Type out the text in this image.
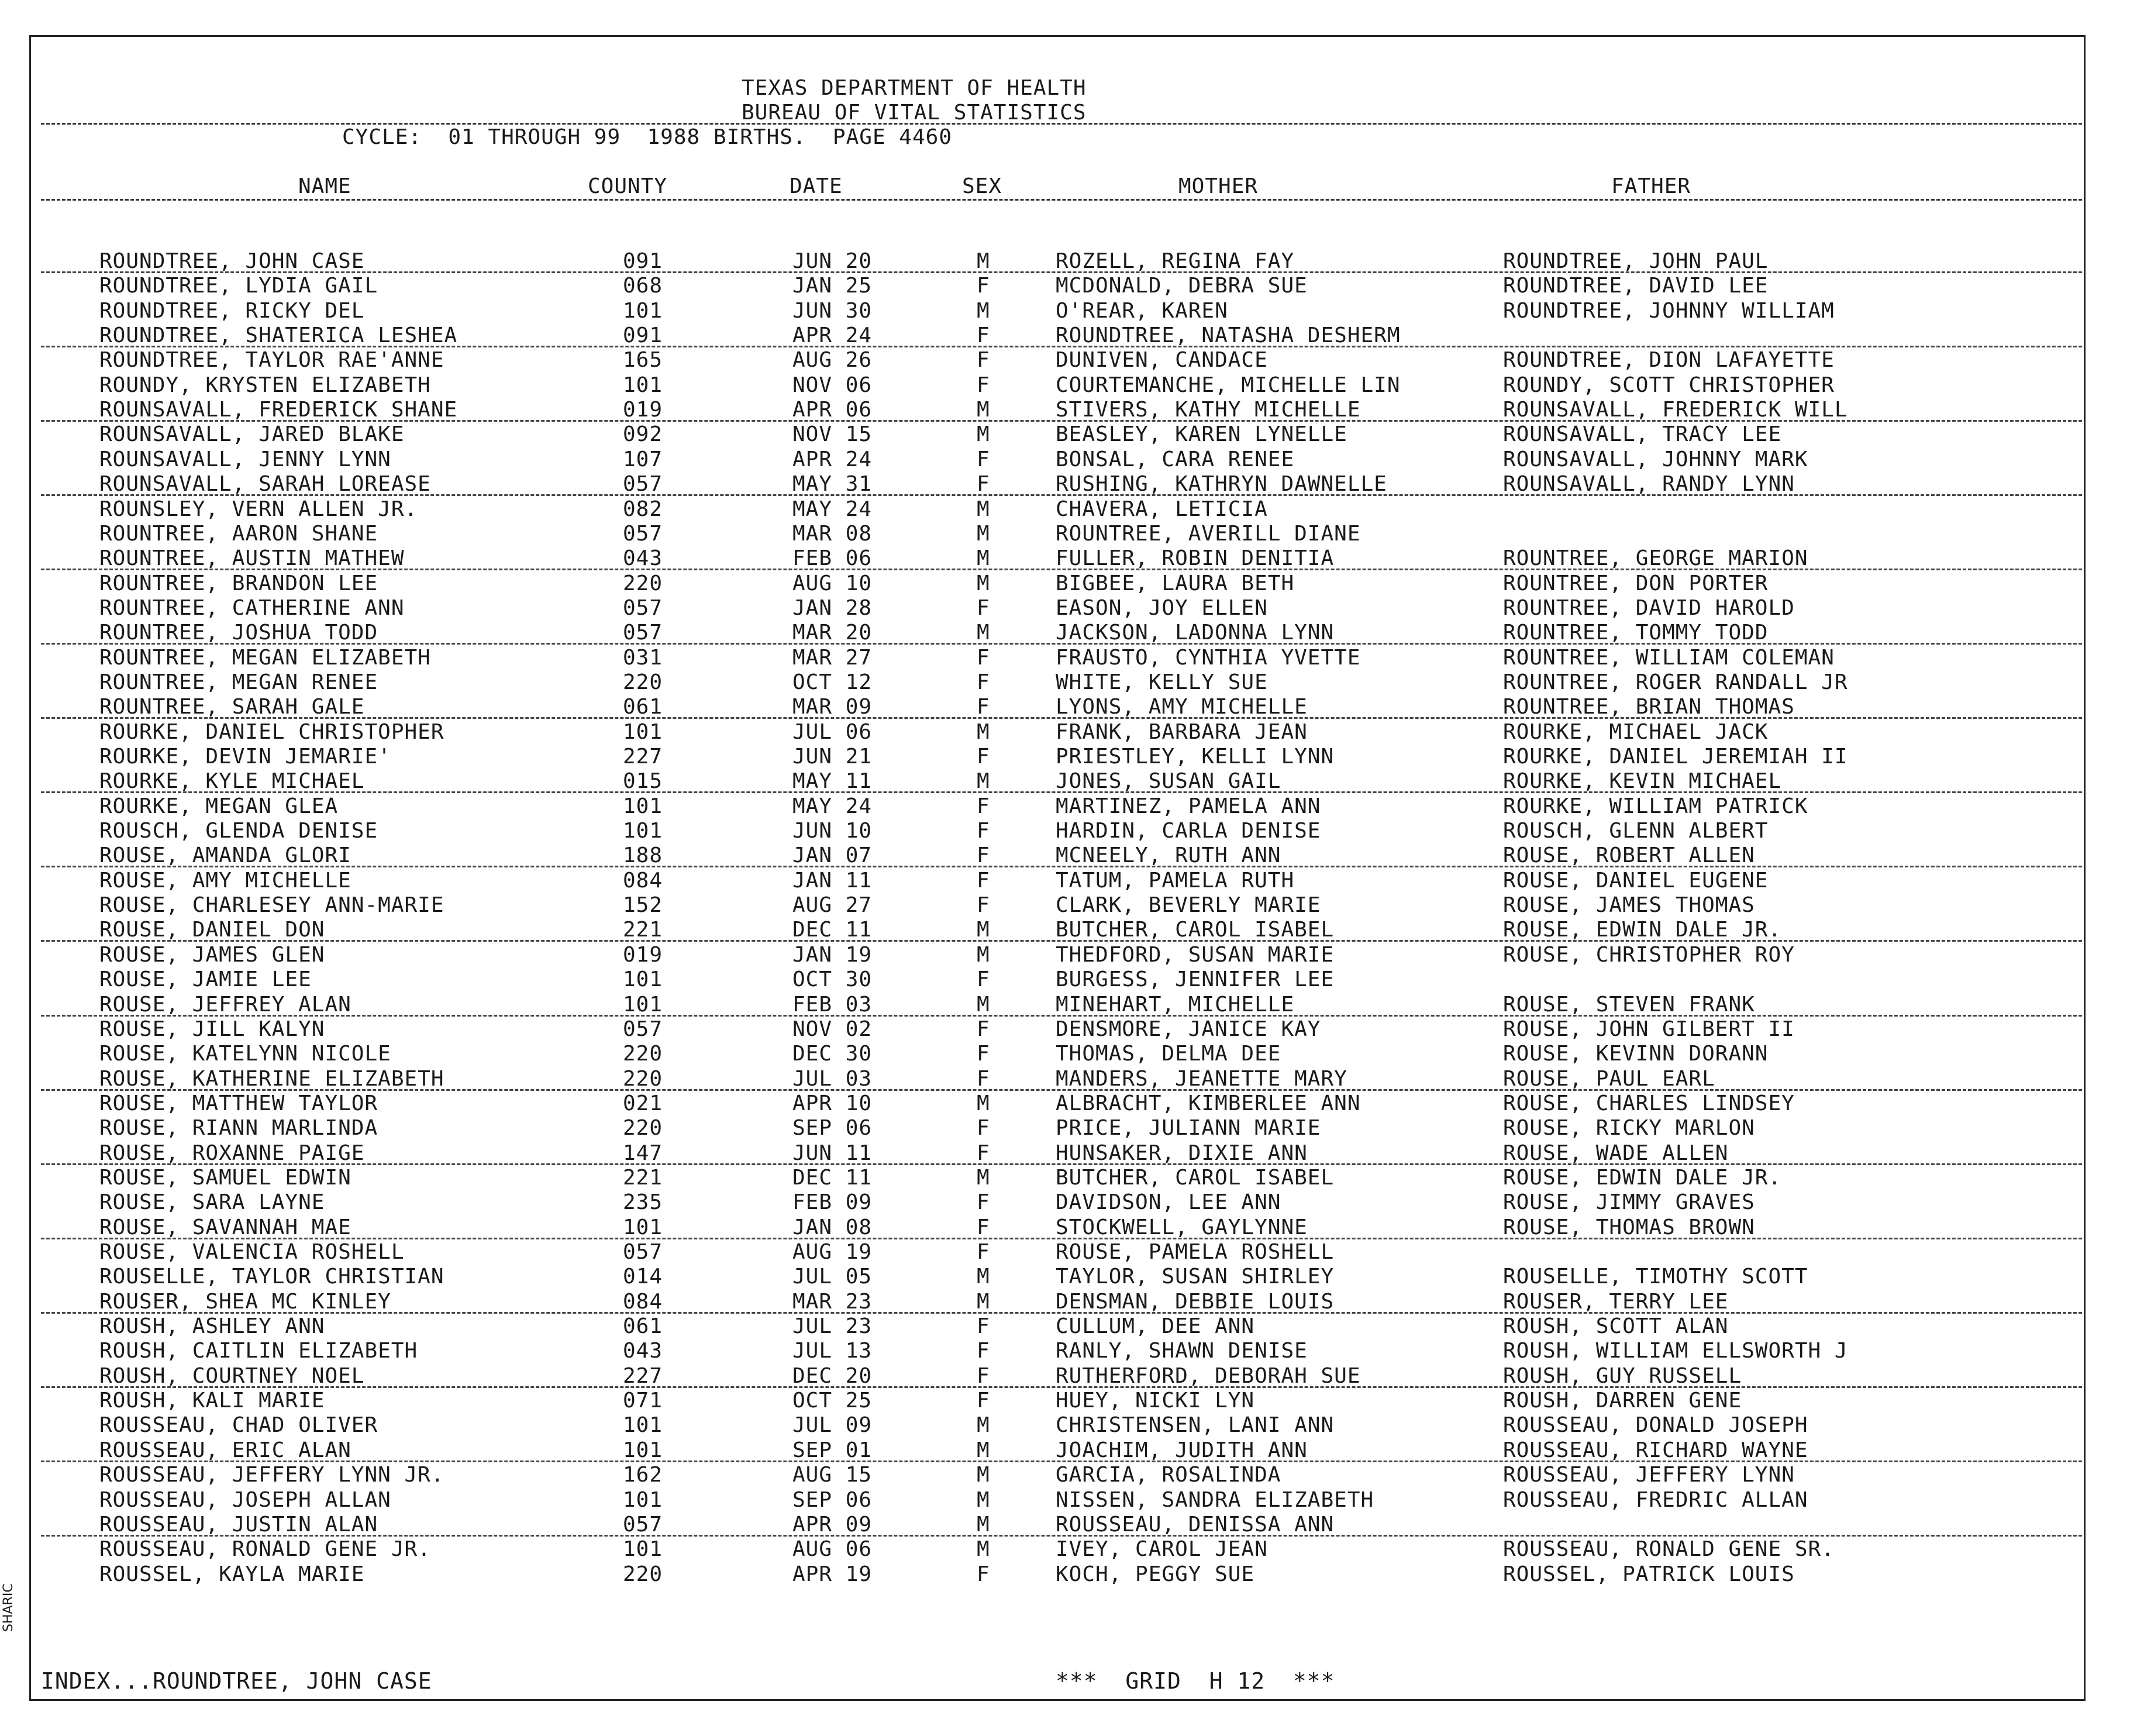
TEXAS DEPARTMENT OF HEALTH
BUREAU OF VITAL STATISTICS
CYCLE:  01 THROUGH 99  1988 BIRTHS.  PAGE 4460
NAME	COUNTY	DATE	SEX	MOTHER	FATHER
ROUNDTREE, JOHN CASE	091	JUN 20	M	ROZELL, REGINA FAY	ROUNDTREE, JOHN PAUL
ROUNDTREE, LYDIA GAIL	068	JAN 25	F	MCDONALD, DEBRA SUE	ROUNDTREE, DAVID LEE
ROUNDTREE, RICKY DEL	101	JUN 30	M	O'REAR, KAREN	ROUNDTREE, JOHNNY WILLIAM
ROUNDTREE, SHATERICA LESHEA	091	APR 24	F	ROUNDTREE, NATASHA DESHERM
ROUNDTREE, TAYLOR RAE'ANNE	165	AUG 26	F	DUNIVEN, CANDACE	ROUNDTREE, DION LAFAYETTE
ROUNDY, KRYSTEN ELIZABETH	101	NOV 06	F	COURTEMANCHE, MICHELLE LIN	ROUNDY, SCOTT CHRISTOPHER
ROUNSAVALL, FREDERICK SHANE	019	APR 06	M	STIVERS, KATHY MICHELLE	ROUNSAVALL, FREDERICK WILL
ROUNSAVALL, JARED BLAKE	092	NOV 15	M	BEASLEY, KAREN LYNELLE	ROUNSAVALL, TRACY LEE
ROUNSAVALL, JENNY LYNN	107	APR 24	F	BONSAL, CARA RENEE	ROUNSAVALL, JOHNNY MARK
ROUNSAVALL, SARAH LOREASE	057	MAY 31	F	RUSHING, KATHRYN DAWNELLE	ROUNSAVALL, RANDY LYNN
ROUNSLEY, VERN ALLEN JR.	082	MAY 24	M	CHAVERA, LETICIA
ROUNTREE, AARON SHANE	057	MAR 08	M	ROUNTREE, AVERILL DIANE
ROUNTREE, AUSTIN MATHEW	043	FEB 06	M	FULLER, ROBIN DENITIA	ROUNTREE, GEORGE MARION
ROUNTREE, BRANDON LEE	220	AUG 10	M	BIGBEE, LAURA BETH	ROUNTREE, DON PORTER
ROUNTREE, CATHERINE ANN	057	JAN 28	F	EASON, JOY ELLEN	ROUNTREE, DAVID HAROLD
ROUNTREE, JOSHUA TODD	057	MAR 20	M	JACKSON, LADONNA LYNN	ROUNTREE, TOMMY TODD
ROUNTREE, MEGAN ELIZABETH	031	MAR 27	F	FRAUSTO, CYNTHIA YVETTE	ROUNTREE, WILLIAM COLEMAN
ROUNTREE, MEGAN RENEE	220	OCT 12	F	WHITE, KELLY SUE	ROUNTREE, ROGER RANDALL JR
ROUNTREE, SARAH GALE	061	MAR 09	F	LYONS, AMY MICHELLE	ROUNTREE, BRIAN THOMAS
ROURKE, DANIEL CHRISTOPHER	101	JUL 06	M	FRANK, BARBARA JEAN	ROURKE, MICHAEL JACK
ROURKE, DEVIN JEMARIE'	227	JUN 21	F	PRIESTLEY, KELLI LYNN	ROURKE, DANIEL JEREMIAH II
ROURKE, KYLE MICHAEL	015	MAY 11	M	JONES, SUSAN GAIL	ROURKE, KEVIN MICHAEL
ROURKE, MEGAN GLEA	101	MAY 24	F	MARTINEZ, PAMELA ANN	ROURKE, WILLIAM PATRICK
ROUSCH, GLENDA DENISE	101	JUN 10	F	HARDIN, CARLA DENISE	ROUSCH, GLENN ALBERT
ROUSE, AMANDA GLORI	188	JAN 07	F	MCNEELY, RUTH ANN	ROUSE, ROBERT ALLEN
ROUSE, AMY MICHELLE	084	JAN 11	F	TATUM, PAMELA RUTH	ROUSE, DANIEL EUGENE
ROUSE, CHARLESEY ANN-MARIE	152	AUG 27	F	CLARK, BEVERLY MARIE	ROUSE, JAMES THOMAS
ROUSE, DANIEL DON	221	DEC 11	M	BUTCHER, CAROL ISABEL	ROUSE, EDWIN DALE JR.
ROUSE, JAMES GLEN	019	JAN 19	M	THEDFORD, SUSAN MARIE	ROUSE, CHRISTOPHER ROY
ROUSE, JAMIE LEE	101	OCT 30	F	BURGESS, JENNIFER LEE
ROUSE, JEFFREY ALAN	101	FEB 03	M	MINEHART, MICHELLE	ROUSE, STEVEN FRANK
ROUSE, JILL KALYN	057	NOV 02	F	DENSMORE, JANICE KAY	ROUSE, JOHN GILBERT II
ROUSE, KATELYNN NICOLE	220	DEC 30	F	THOMAS, DELMA DEE	ROUSE, KEVINN DORANN
ROUSE, KATHERINE ELIZABETH	220	JUL 03	F	MANDERS, JEANETTE MARY	ROUSE, PAUL EARL
ROUSE, MATTHEW TAYLOR	021	APR 10	M	ALBRACHT, KIMBERLEE ANN	ROUSE, CHARLES LINDSEY
ROUSE, RIANN MARLINDA	220	SEP 06	F	PRICE, JULIANN MARIE	ROUSE, RICKY MARLON
ROUSE, ROXANNE PAIGE	147	JUN 11	F	HUNSAKER, DIXIE ANN	ROUSE, WADE ALLEN
ROUSE, SAMUEL EDWIN	221	DEC 11	M	BUTCHER, CAROL ISABEL	ROUSE, EDWIN DALE JR.
ROUSE, SARA LAYNE	235	FEB 09	F	DAVIDSON, LEE ANN	ROUSE, JIMMY GRAVES
ROUSE, SAVANNAH MAE	101	JAN 08	F	STOCKWELL, GAYLYNNE	ROUSE, THOMAS BROWN
ROUSE, VALENCIA ROSHELL	057	AUG 19	F	ROUSE, PAMELA ROSHELL
ROUSELLE, TAYLOR CHRISTIAN	014	JUL 05	M	TAYLOR, SUSAN SHIRLEY	ROUSELLE, TIMOTHY SCOTT
ROUSER, SHEA MC KINLEY	084	MAR 23	M	DENSMAN, DEBBIE LOUIS	ROUSER, TERRY LEE
ROUSH, ASHLEY ANN	061	JUL 23	F	CULLUM, DEE ANN	ROUSH, SCOTT ALAN
ROUSH, CAITLIN ELIZABETH	043	JUL 13	F	RANLY, SHAWN DENISE	ROUSH, WILLIAM ELLSWORTH J
ROUSH, COURTNEY NOEL	227	DEC 20	F	RUTHERFORD, DEBORAH SUE	ROUSH, GUY RUSSELL
ROUSH, KALI MARIE	071	OCT 25	F	HUEY, NICKI LYN	ROUSH, DARREN GENE
ROUSSEAU, CHAD OLIVER	101	JUL 09	M	CHRISTENSEN, LANI ANN	ROUSSEAU, DONALD JOSEPH
ROUSSEAU, ERIC ALAN	101	SEP 01	M	JOACHIM, JUDITH ANN	ROUSSEAU, RICHARD WAYNE
ROUSSEAU, JEFFERY LYNN JR.	162	AUG 15	M	GARCIA, ROSALINDA	ROUSSEAU, JEFFERY LYNN
ROUSSEAU, JOSEPH ALLAN	101	SEP 06	M	NISSEN, SANDRA ELIZABETH	ROUSSEAU, FREDRIC ALLAN
ROUSSEAU, JUSTIN ALAN	057	APR 09	M	ROUSSEAU, DENISSA ANN
ROUSSEAU, RONALD GENE JR.	101	AUG 06	M	IVEY, CAROL JEAN	ROUSSEAU, RONALD GENE SR.
ROUSSEL, KAYLA MARIE	220	APR 19	F	KOCH, PEGGY SUE	ROUSSEL, PATRICK LOUIS
INDEX...ROUNDTREE, JOHN CASE	***  GRID  H 12  ***
SHARIC
